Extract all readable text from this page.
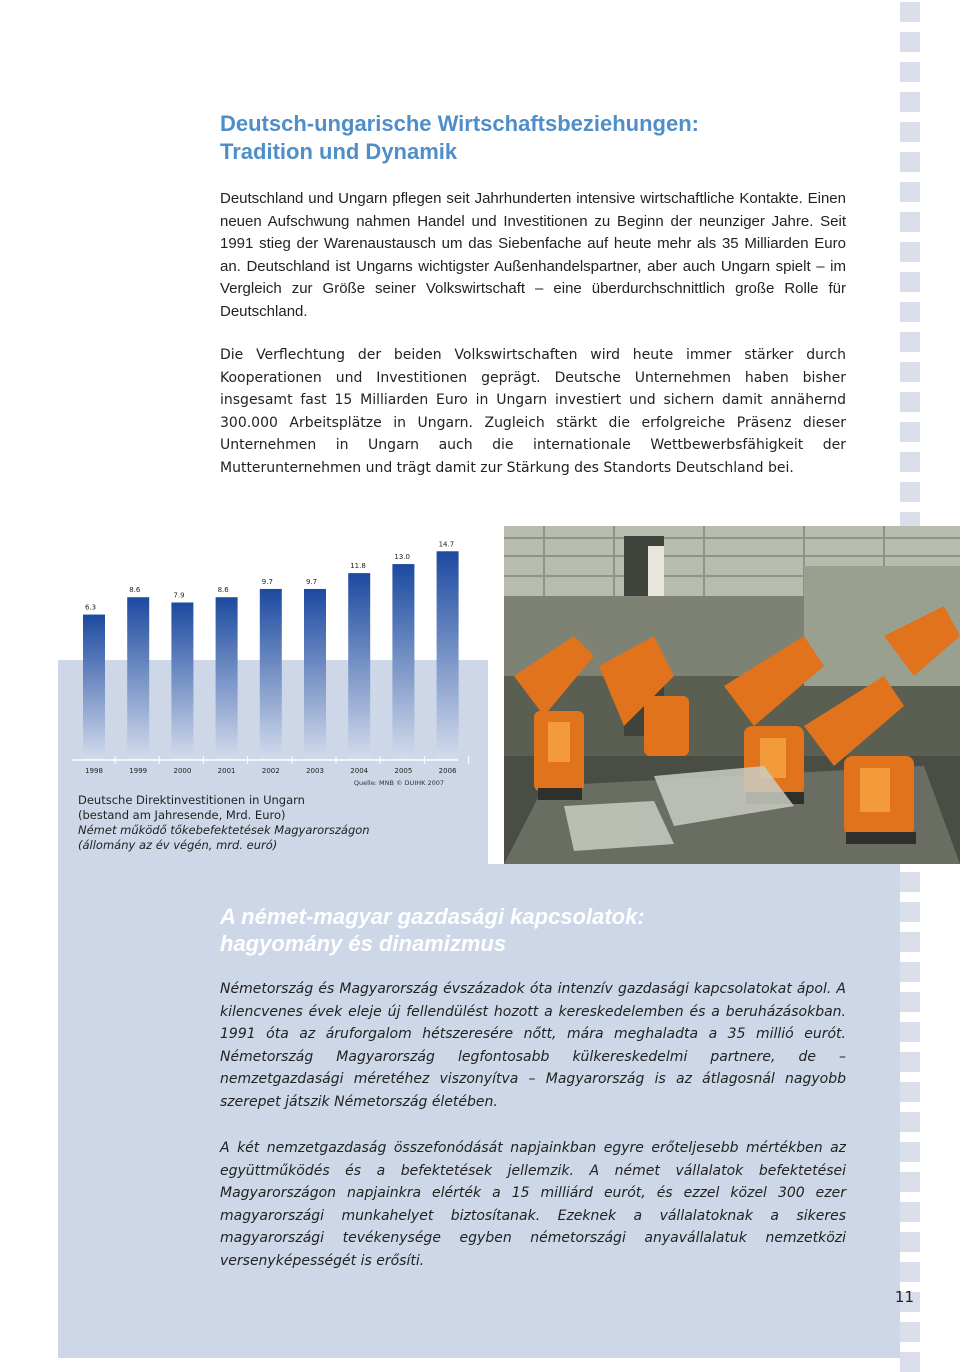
Deutsch-ungarische Wirtschaftsbeziehungen:
Tradition und Dynamik

Deutschland und Ungarn pflegen seit Jahrhunderten intensive wirtschaftliche Kontakte. Einen neuen Aufschwung nahmen Handel und Investitionen zu Beginn der neunziger Jahre. Seit 1991 stieg der Warenaustausch um das Siebenfache auf heute mehr als 35 Milliarden Euro an. Deutschland ist Ungarns wichtigster Außenhandelspartner, aber auch Ungarn spielt – im Vergleich zur Größe seiner Volkswirtschaft – eine überdurchschnittlich große Rolle für Deutschland.

Die Verflechtung der beiden Volkswirtschaften wird heute immer stärker durch Kooperationen und Investitionen geprägt. Deutsche Unternehmen haben bisher insgesamt fast 15 Milliarden Euro in Ungarn investiert und sichern damit annähernd 300.000 Arbeitsplätze in Ungarn. Zugleich stärkt die erfolgreiche Präsenz dieser Unternehmen in Ungarn auch die internationale Wettbewerbsfähigkeit der Mutterunternehmen und trägt damit zur Stärkung des Standorts Deutschland bei.

6.3
8.6
7.9
8.6
9.7	9.7
11.8
13.0
14.7
1998	1999	2000	2001	2002	2003	2004	2005	2006
Quelle: MNB © DUIHK 2007

Deutsche Direktinvestitionen in Ungarn

(bestand am Jahresende, Mrd. Euro)

Német működő tőkebefektetések Magyarországon

(állomány az év végén, mrd. euró)

A német-magyar gazdasági kapcsolatok:
hagyomány és dinamizmus

Németország és Magyarország évszázadok óta intenzív gazdasági kapcsolatokat ápol. A kilencvenes évek eleje új fellendülést hozott a kereskedelemben és a beruházásokban. 1991 óta az áruforgalom hétszeresére nőtt, mára meghaladta a 35 millió eurót. Németország Magyarország legfontosabb külkereskedelmi partnere, de – nemzetgazdasági méretéhez viszonyítva – Magyarország is az átlagosnál nagyobb szerepet játszik Németország életében.

A két nemzetgazdaság összefonódását napjainkban egyre erőteljesebb mértékben az együttműködés és a befektetések jellemzik. A német vállalatok befektetései Magyarországon napjainkra elérték a 15 milliárd eurót, és ezzel közel 300 ezer magyarországi munkahelyet biztosítanak. Ezeknek a vállalatoknak a sikeres magyarországi tevékenysége egyben németországi anyavállalatuk nemzetközi versenyképességét is erősíti.

11
